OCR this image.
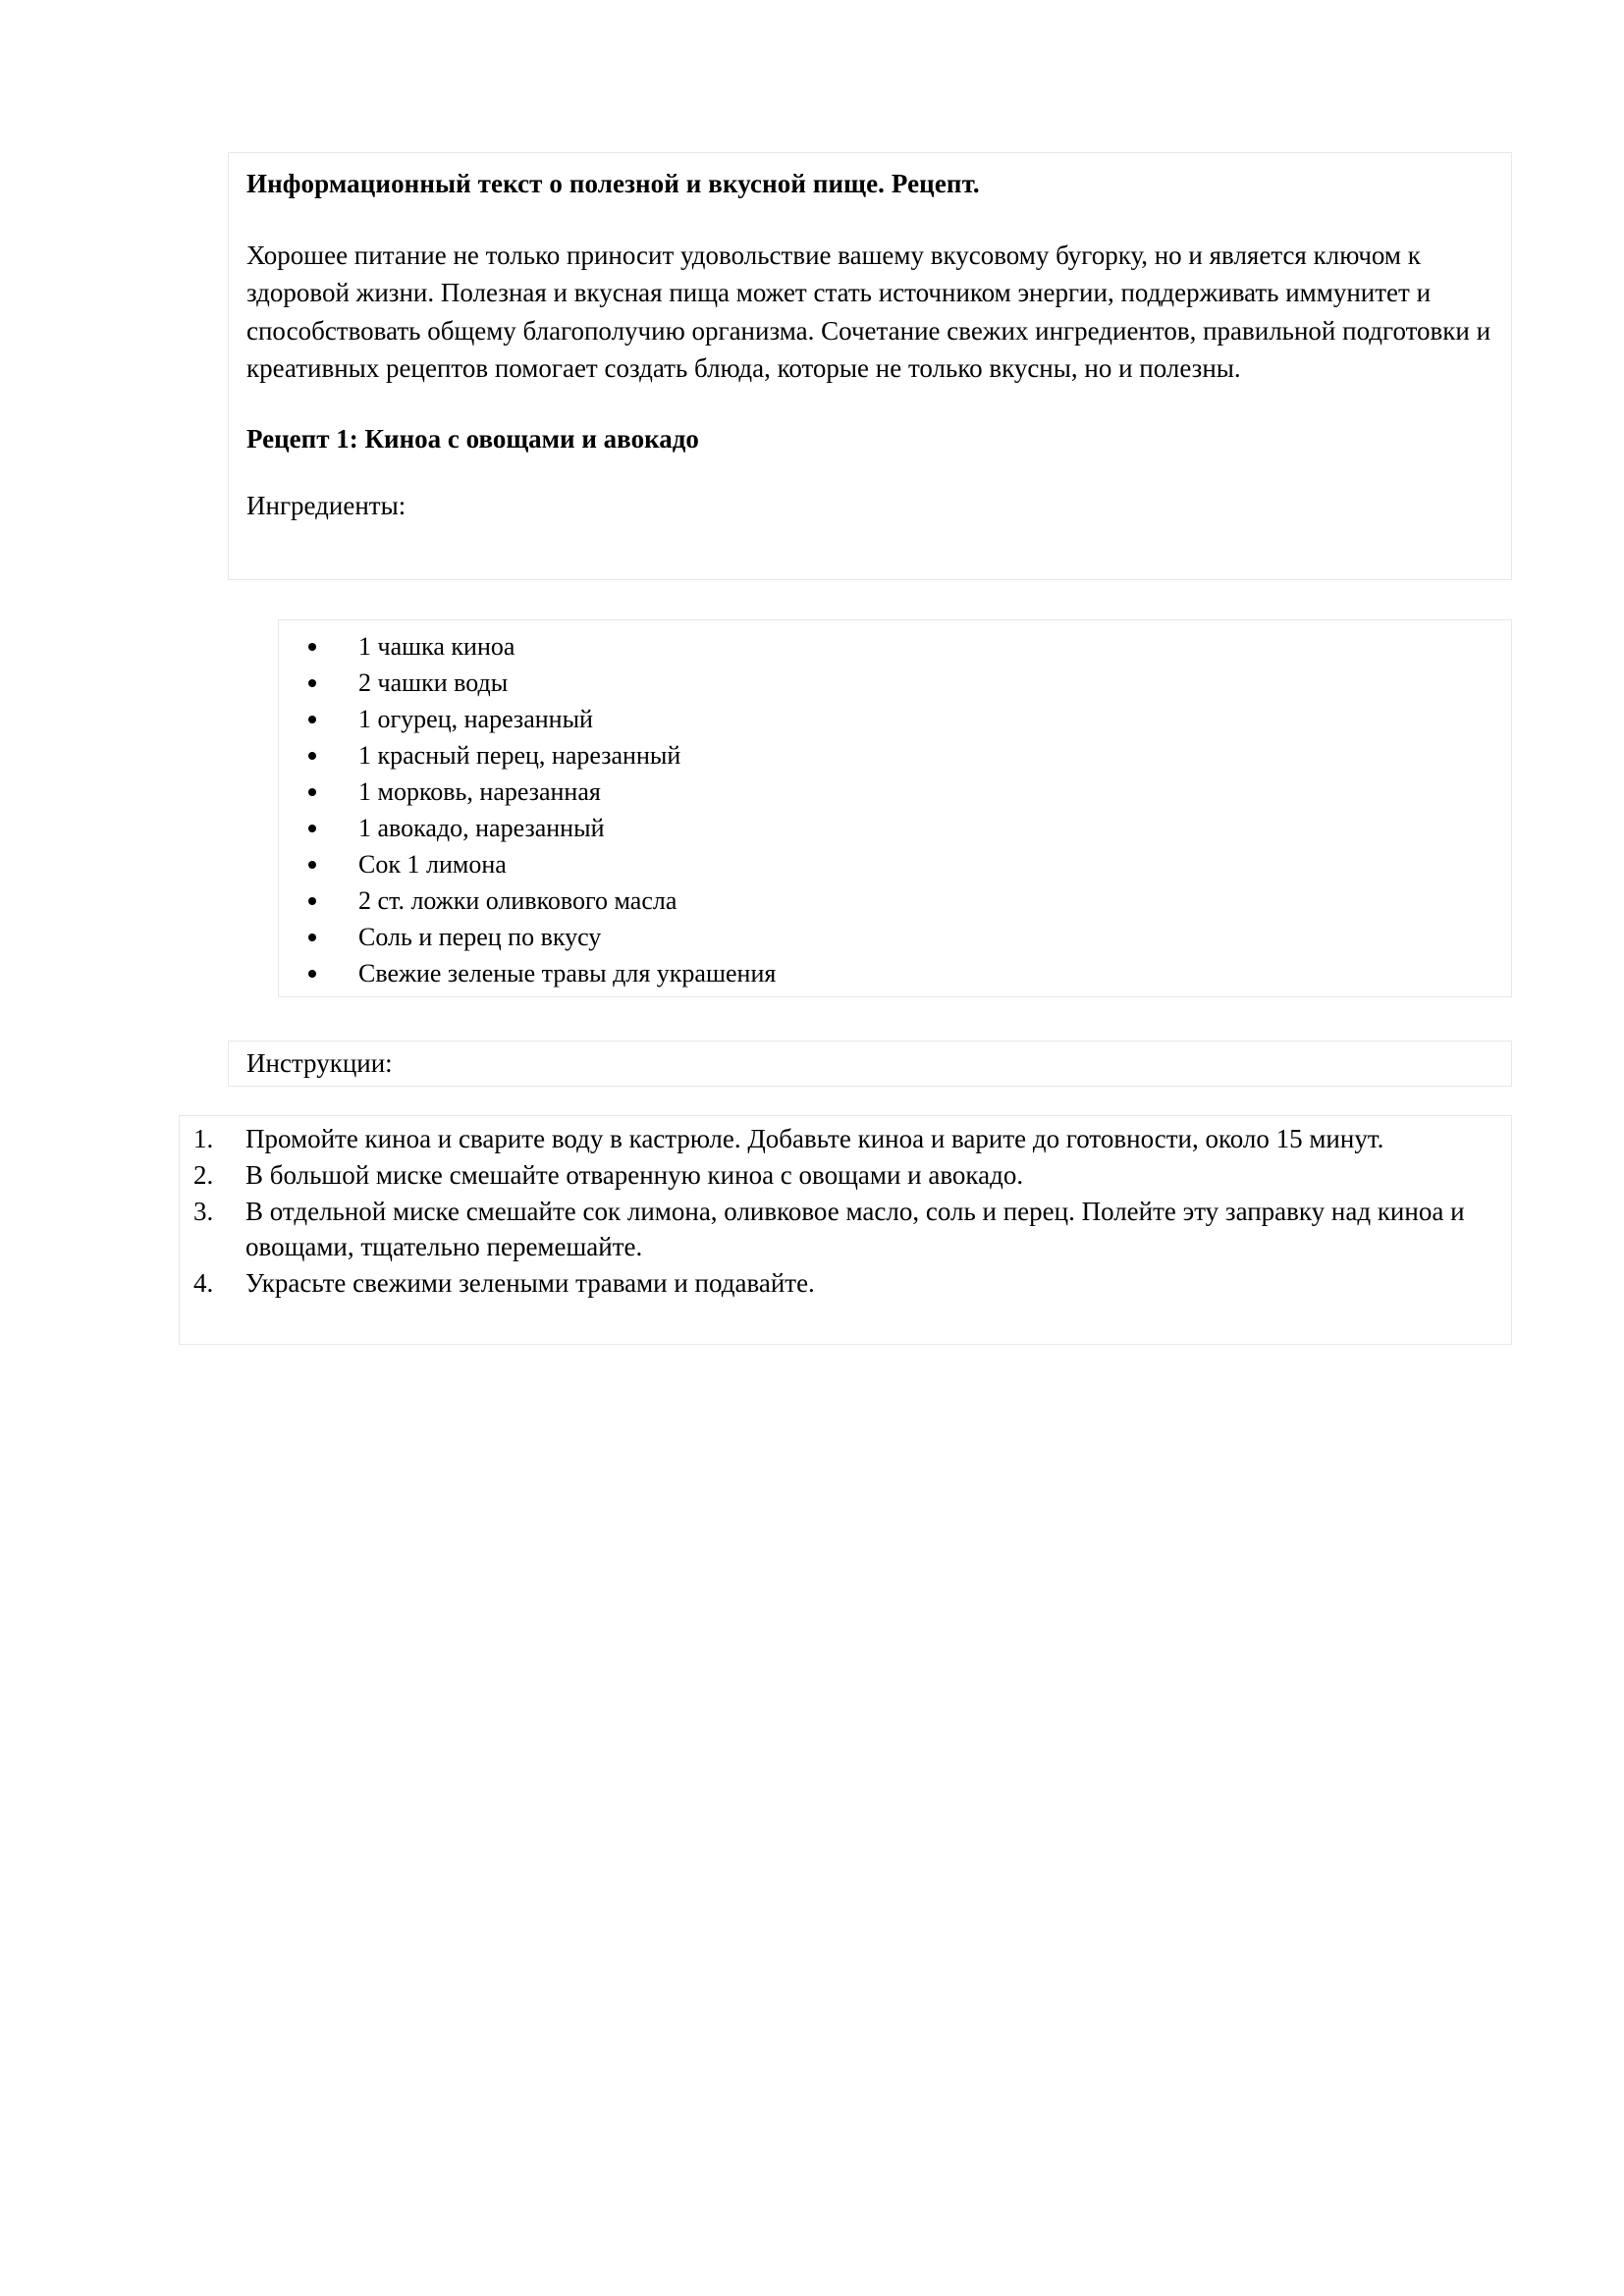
Информационный текст о полезной и вкусной пище. Рецепт.

Хорошее питание не только приносит удовольствие вашему вкусовому бугорку, но и является ключом к здоровой жизни. Полезная и вкусная пища может стать источником энергии, поддерживать иммунитет и способствовать общему благополучию организма. Сочетание свежих ингредиентов, правильной подготовки и креативных рецептов помогает создать блюда, которые не только вкусны, но и полезны.

Рецепт 1: Киноа с овощами и авокадо

Ингредиенты:

1 чашка киноа
2 чашки воды
1 огурец, нарезанный
1 красный перец, нарезанный
1 морковь, нарезанная
1 авокадо, нарезанный
Сок 1 лимона
2 ст. ложки оливкового масла
Соль и перец по вкусу
Свежие зеленые травы для украшения

Инструкции:

1.	Промойте киноа и сварите воду в кастрюле. Добавьте киноа и варите до готовности, около 15 минут.
2.	В большой миске смешайте отваренную киноа с овощами и авокадо.
3.	В отдельной миске смешайте сок лимона, оливковое масло, соль и перец. Полейте эту заправку над киноа и овощами, тщательно перемешайте.
4.	Украсьте свежими зелеными травами и подавайте.
